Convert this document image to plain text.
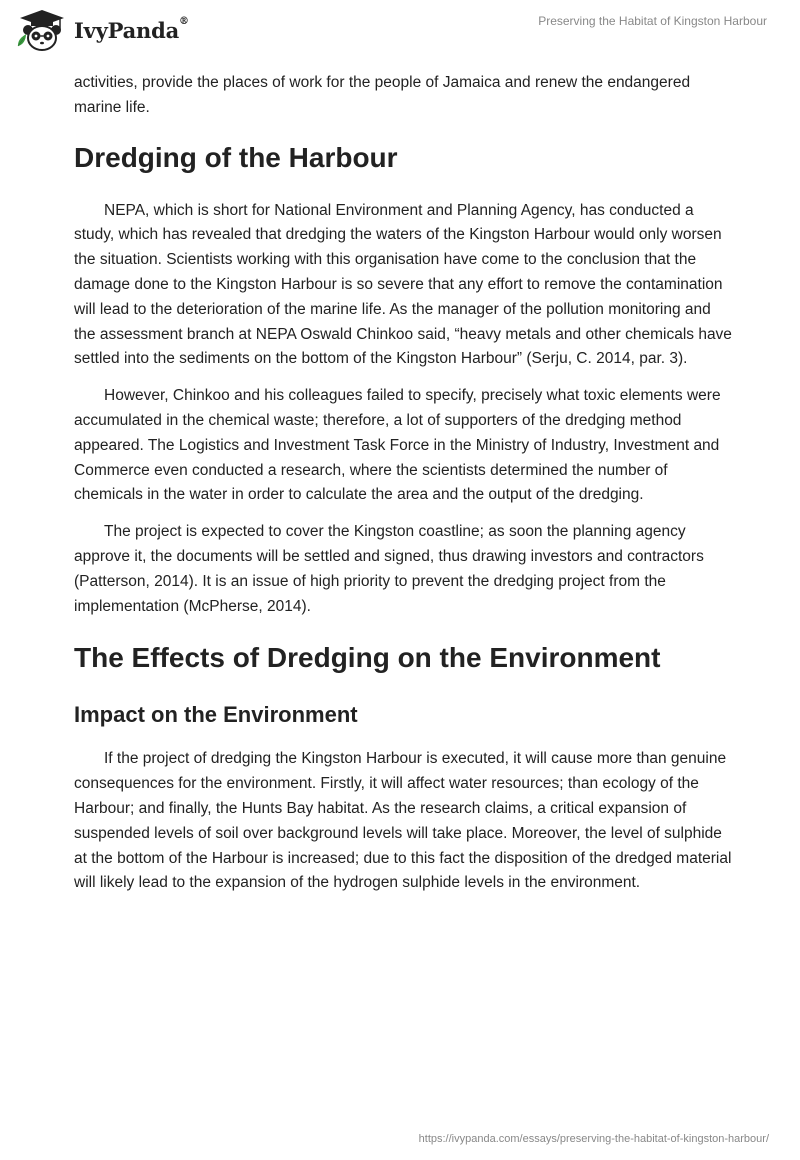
IvyPanda®	Preserving the Habitat of Kingston Harbour

activities, provide the places of work for the people of Jamaica and renew the endangered marine life.

Dredging of the Harbour

NEPA, which is short for National Environment and Planning Agency, has conducted a study, which has revealed that dredging the waters of the Kingston Harbour would only worsen the situation. Scientists working with this organisation have come to the conclusion that the damage done to the Kingston Harbour is so severe that any effort to remove the contamination will lead to the deterioration of the marine life. As the manager of the pollution monitoring and the assessment branch at NEPA Oswald Chinkoo said, “heavy metals and other chemicals have settled into the sediments on the bottom of the Kingston Harbour” (Serju, C. 2014, par. 3).

However, Chinkoo and his colleagues failed to specify, precisely what toxic elements were accumulated in the chemical waste; therefore, a lot of supporters of the dredging method appeared. The Logistics and Investment Task Force in the Ministry of Industry, Investment and Commerce even conducted a research, where the scientists determined the number of chemicals in the water in order to calculate the area and the output of the dredging.

The project is expected to cover the Kingston coastline; as soon the planning agency approve it, the documents will be settled and signed, thus drawing investors and contractors (Patterson, 2014). It is an issue of high priority to prevent the dredging project from the implementation (McPherse, 2014).

The Effects of Dredging on the Environment
Impact on the Environment

If the project of dredging the Kingston Harbour is executed, it will cause more than genuine consequences for the environment. Firstly, it will affect water resources; than ecology of the Harbour; and finally, the Hunts Bay habitat. As the research claims, a critical expansion of suspended levels of soil over background levels will take place. Moreover, the level of sulphide at the bottom of the Harbour is increased; due to this fact the disposition of the dredged material will likely lead to the expansion of the hydrogen sulphide levels in the environment.

https://ivypanda.com/essays/preserving-the-habitat-of-kingston-harbour/
